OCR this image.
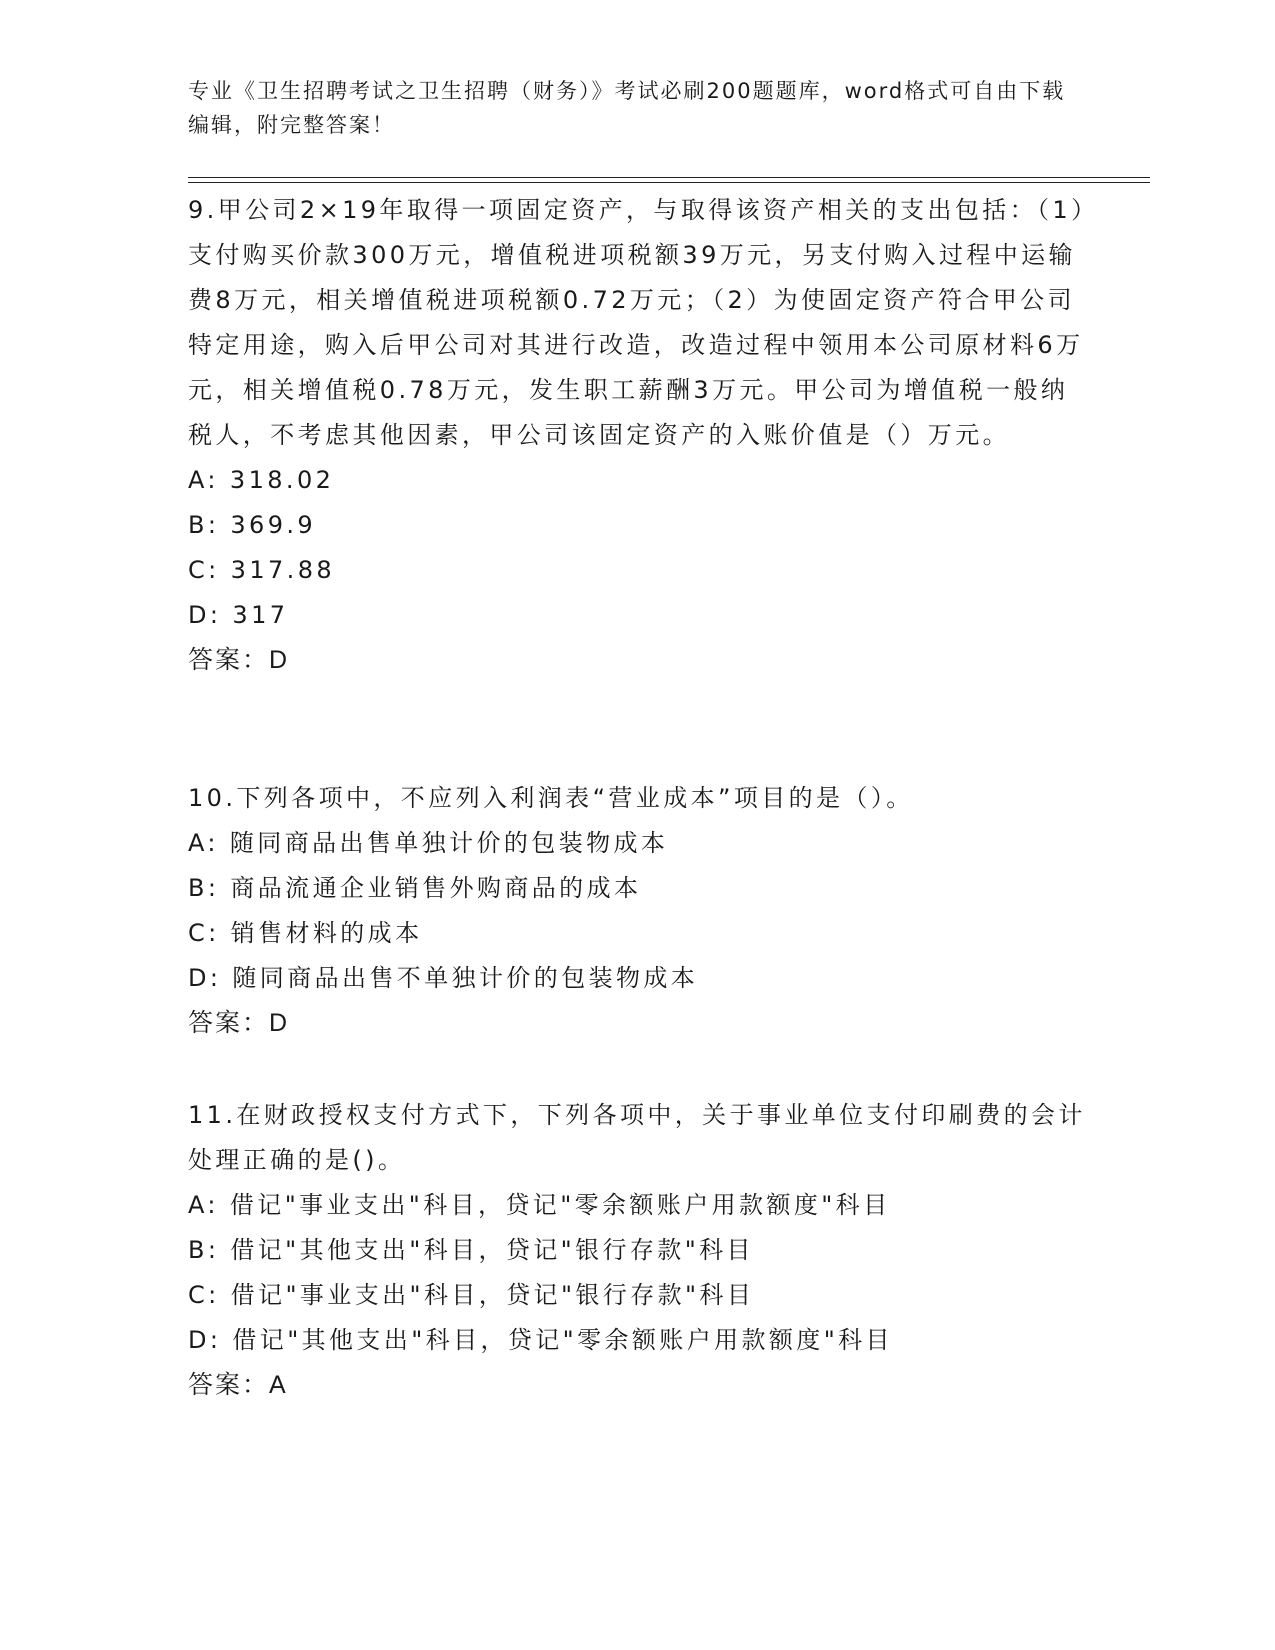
专业《卫生招聘考试之卫生招聘（财务）》考试必刷200题题库，word格式可自由下载编辑，附完整答案！
9.甲公司2×19年取得一项固定资产，与取得该资产相关的支出包括：（1）支付购买价款300万元，增值税进项税额39万元，另支付购入过程中运输费8万元，相关增值税进项税额0.72万元；（2）为使固定资产符合甲公司特定用途，购入后甲公司对其进行改造，改造过程中领用本公司原材料6万元，相关增值税0.78万元，发生职工薪酬3万元。甲公司为增值税一般纳税人，不考虑其他因素，甲公司该固定资产的入账价值是（）万元。
A: 318.02
B: 369.9
C: 317.88
D: 317
答案：D
10.下列各项中，不应列入利润表“营业成本”项目的是（）。
A: 随同商品出售单独计价的包装物成本
B: 商品流通企业销售外购商品的成本
C: 销售材料的成本
D: 随同商品出售不单独计价的包装物成本
答案：D
11.在财政授权支付方式下，下列各项中，关于事业单位支付印刷费的会计处理正确的是()。
A: 借记"事业支出"科目，贷记"零余额账户用款额度"科目
B: 借记"其他支出"科目，贷记"银行存款"科目
C: 借记"事业支出"科目，贷记"银行存款"科目
D: 借记"其他支出"科目，贷记"零余额账户用款额度"科目
答案：A
